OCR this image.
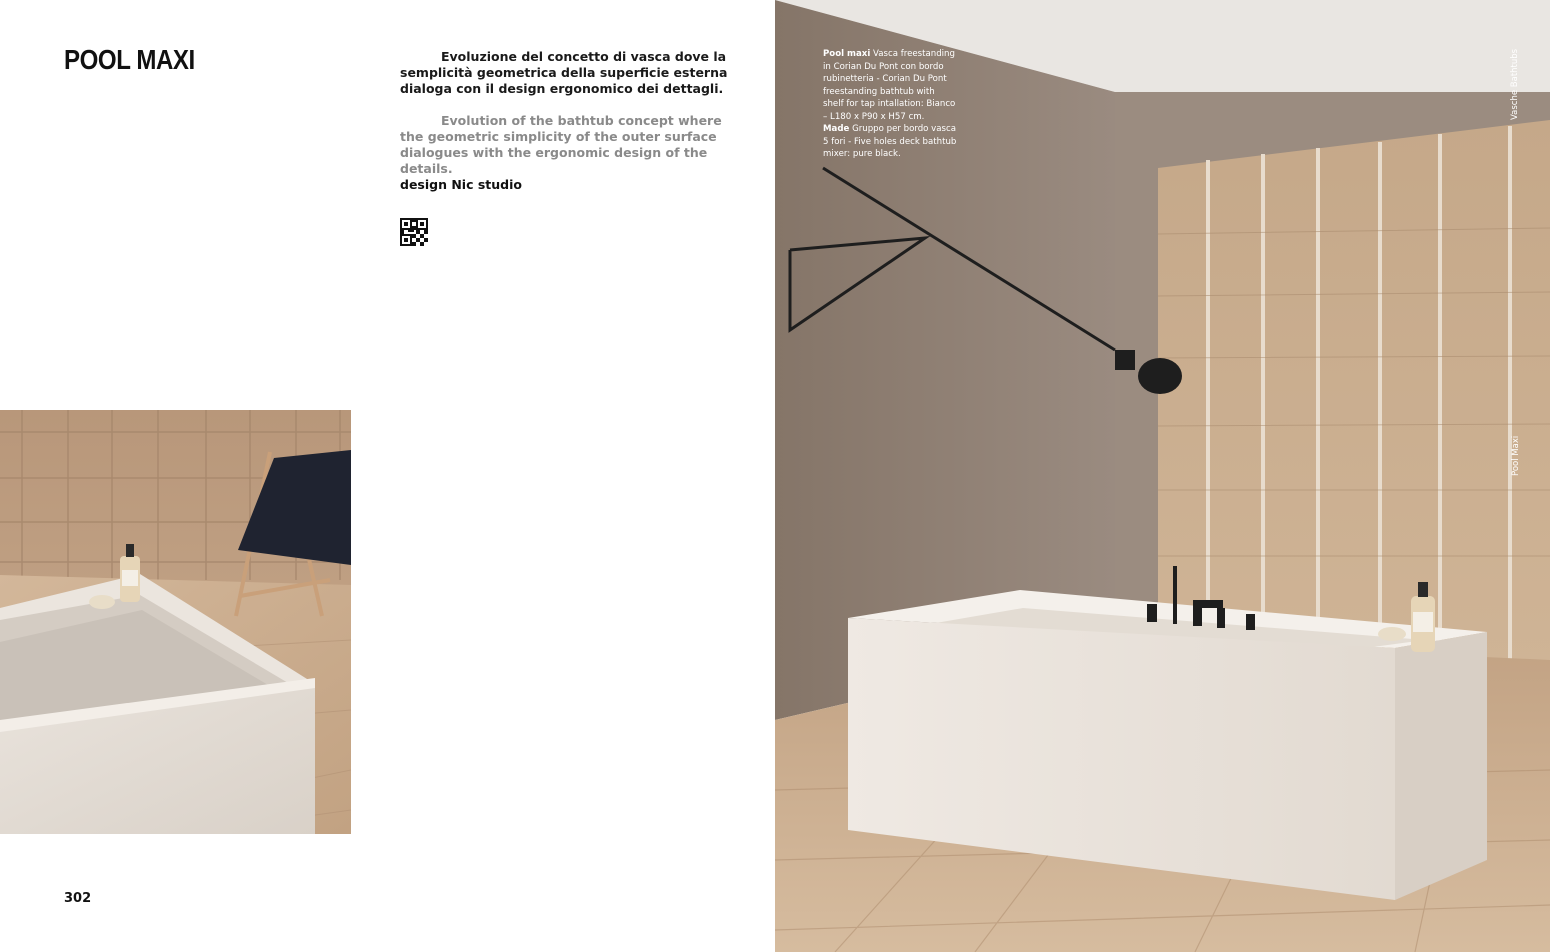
POOL MAXI	Evoluzione del concetto di vasca dove la semplicità geometrica della superficie esterna dialoga con il design ergonomico dei dettagli.

Evolution of the bathtub concept where the geometric simplicity of the outer surface dialogues with the ergonomic design of the details.

design Nic studio

302
Pool maxi Vasca freestanding in Corian Du Pont con bordo rubinetteria - Corian Du Pont freestanding bathtub with shelf for tap intallation: Bianco – L180 x P90 x H57 cm.
Made Gruppo per bordo vasca 5 fori - Five holes deck bathtub mixer: pure black.
Vasche Bathtubs
Pool Maxi
